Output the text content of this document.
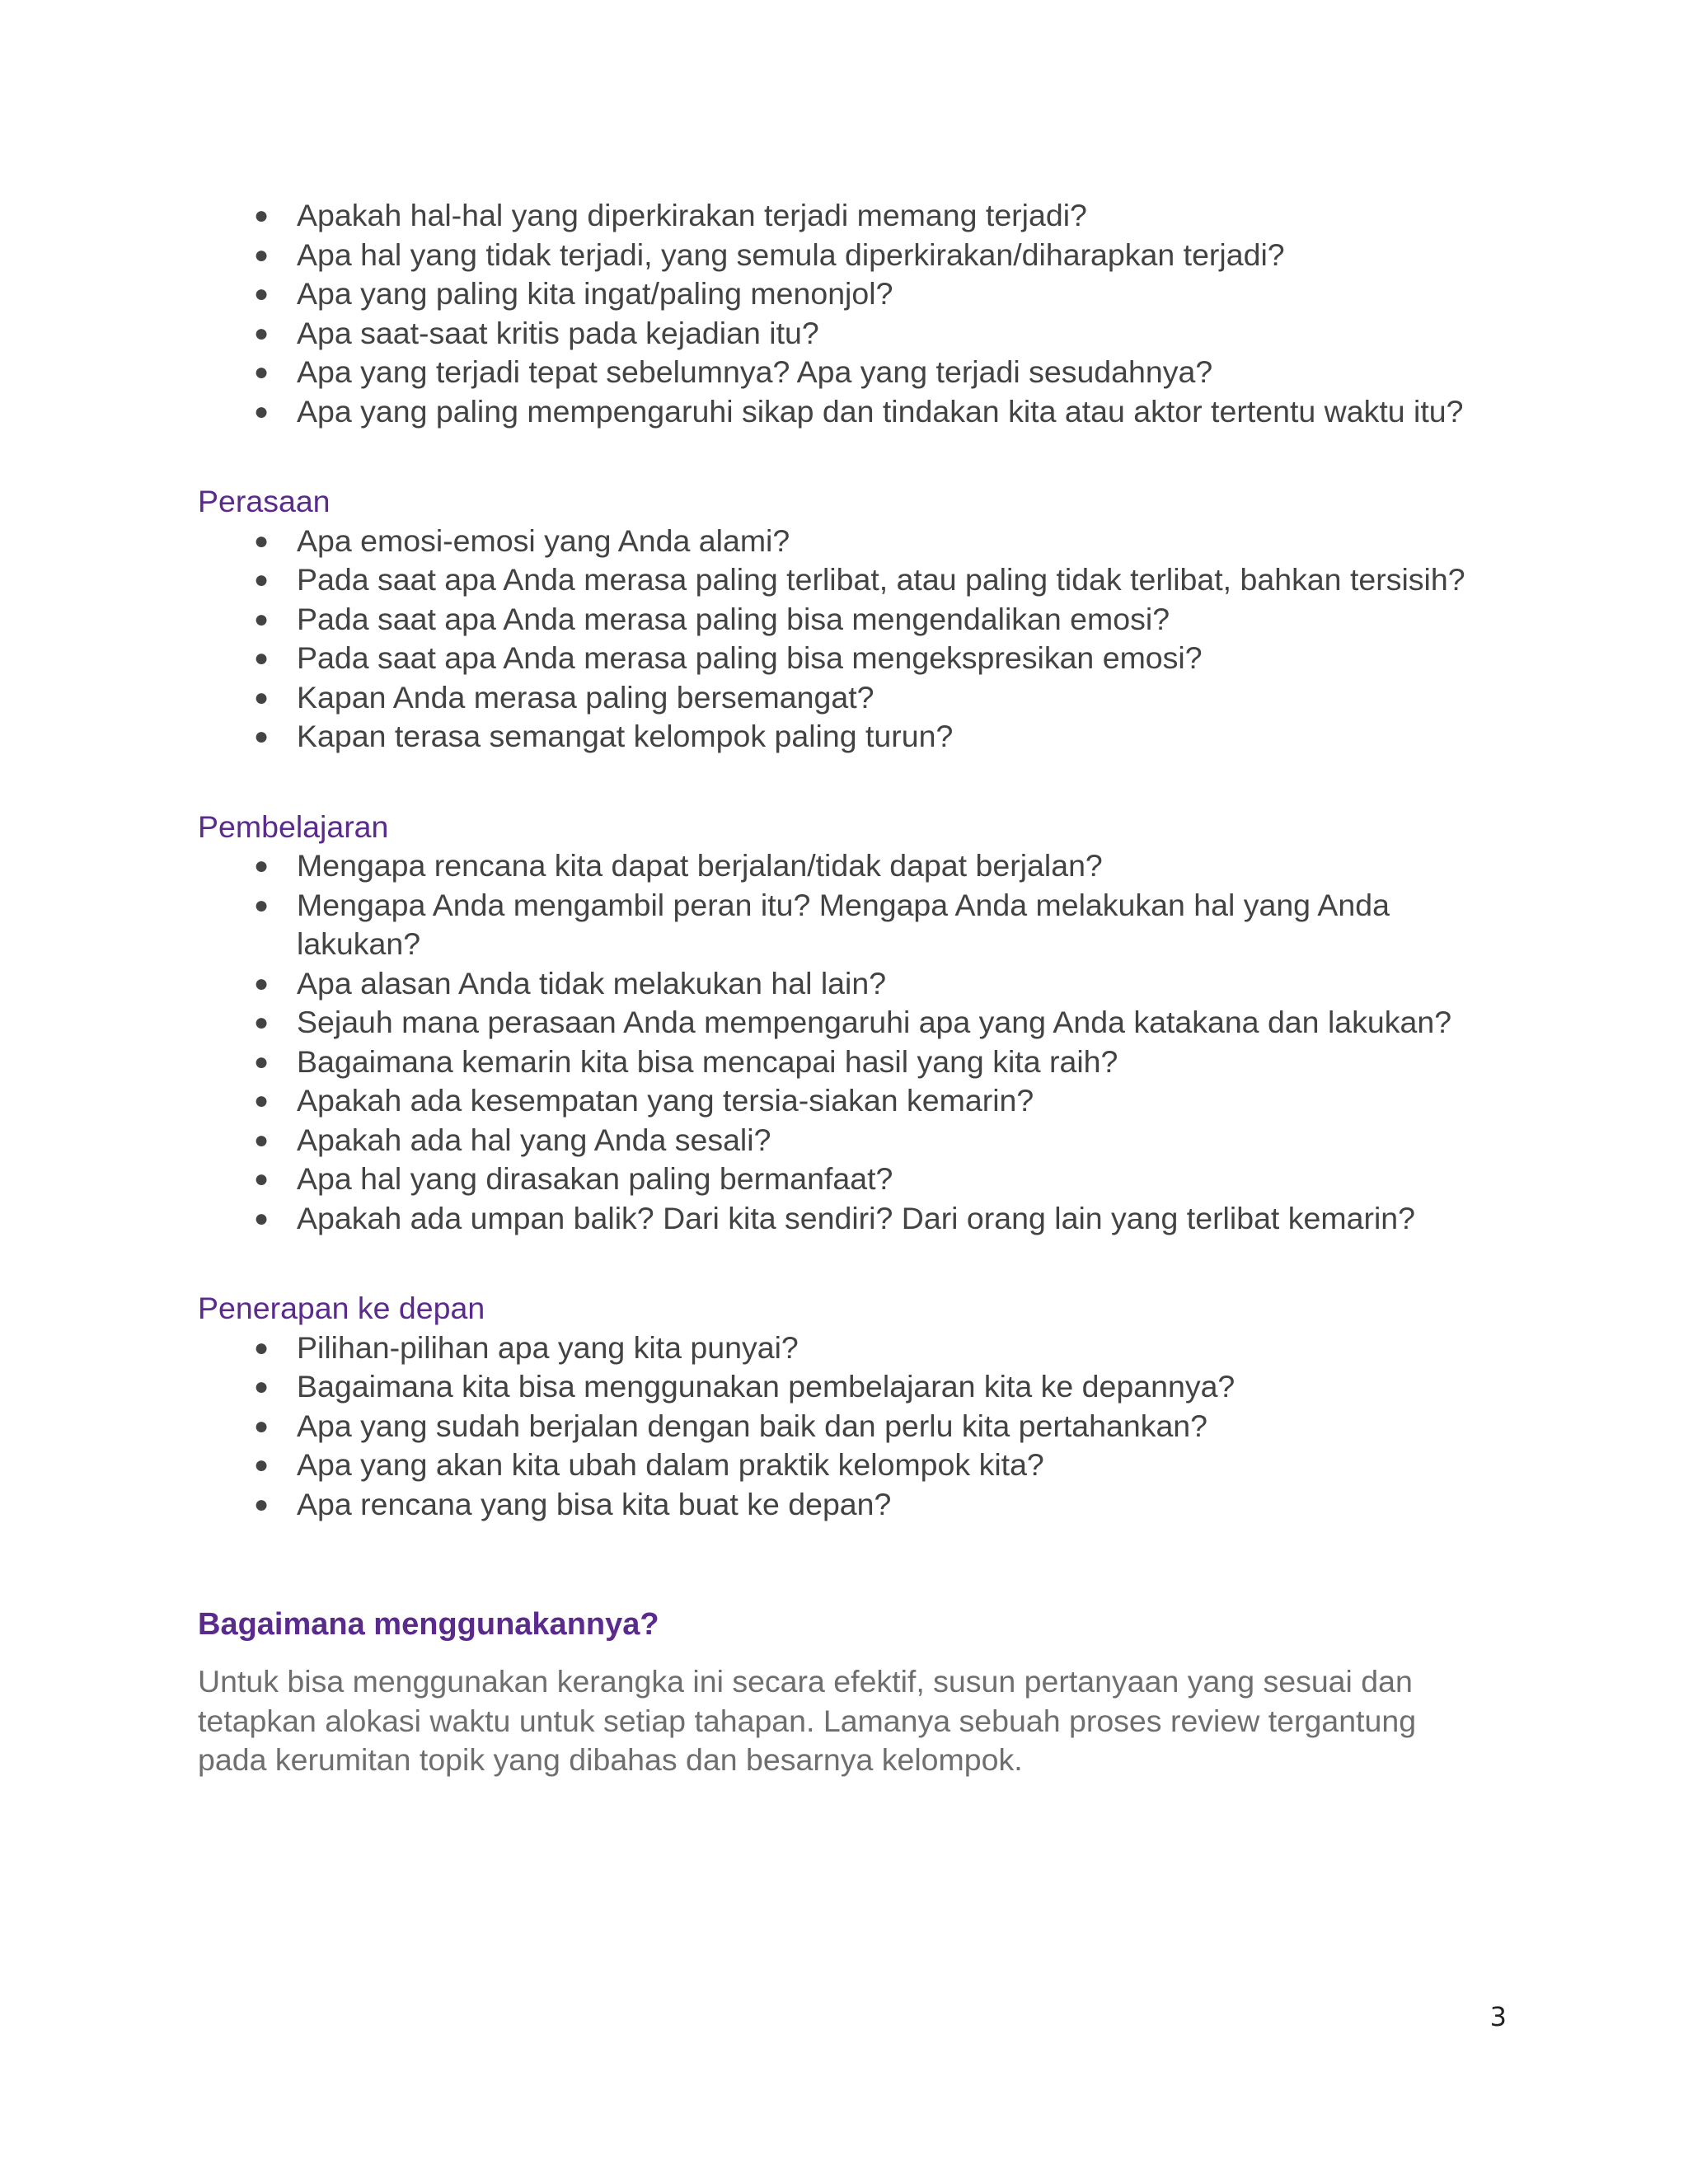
● Apakah hal-hal yang diperkirakan terjadi memang terjadi?
● Apa hal yang tidak terjadi, yang semula diperkirakan/diharapkan terjadi?
● Apa yang paling kita ingat/paling menonjol?
● Apa saat-saat kritis pada kejadian itu?
● Apa yang terjadi tepat sebelumnya? Apa yang terjadi sesudahnya?
● Apa yang paling mempengaruhi sikap dan tindakan kita atau aktor tertentu waktu itu?
Perasaan
● Apa emosi-emosi yang Anda alami?
● Pada saat apa Anda merasa paling terlibat, atau paling tidak terlibat, bahkan tersisih?
● Pada saat apa Anda merasa paling bisa mengendalikan emosi?
● Pada saat apa Anda merasa paling bisa mengekspresikan emosi?
● Kapan Anda merasa paling bersemangat?
● Kapan terasa semangat kelompok paling turun?
Pembelajaran
● Mengapa rencana kita dapat berjalan/tidak dapat berjalan?
● Mengapa Anda mengambil peran itu? Mengapa Anda melakukan hal yang Anda lakukan?
● Apa alasan Anda tidak melakukan hal lain?
● Sejauh mana perasaan Anda mempengaruhi apa yang Anda katakana dan lakukan?
● Bagaimana kemarin kita bisa mencapai hasil yang kita raih?
● Apakah ada kesempatan yang tersia-siakan kemarin?
● Apakah ada hal yang Anda sesali?
● Apa hal yang dirasakan paling bermanfaat?
● Apakah ada umpan balik? Dari kita sendiri? Dari orang lain yang terlibat kemarin?
Penerapan ke depan
● Pilihan-pilihan apa yang kita punyai?
● Bagaimana kita bisa menggunakan pembelajaran kita ke depannya?
● Apa yang sudah berjalan dengan baik dan perlu kita pertahankan?
● Apa yang akan kita ubah dalam praktik kelompok kita?
● Apa rencana yang bisa kita buat ke depan?
Bagaimana menggunakannya?

Untuk bisa menggunakan kerangka ini secara efektif, susun pertanyaan yang sesuai dan tetapkan alokasi waktu untuk setiap tahapan. Lamanya sebuah proses review tergantung pada kerumitan topik yang dibahas dan besarnya kelompok.

3
